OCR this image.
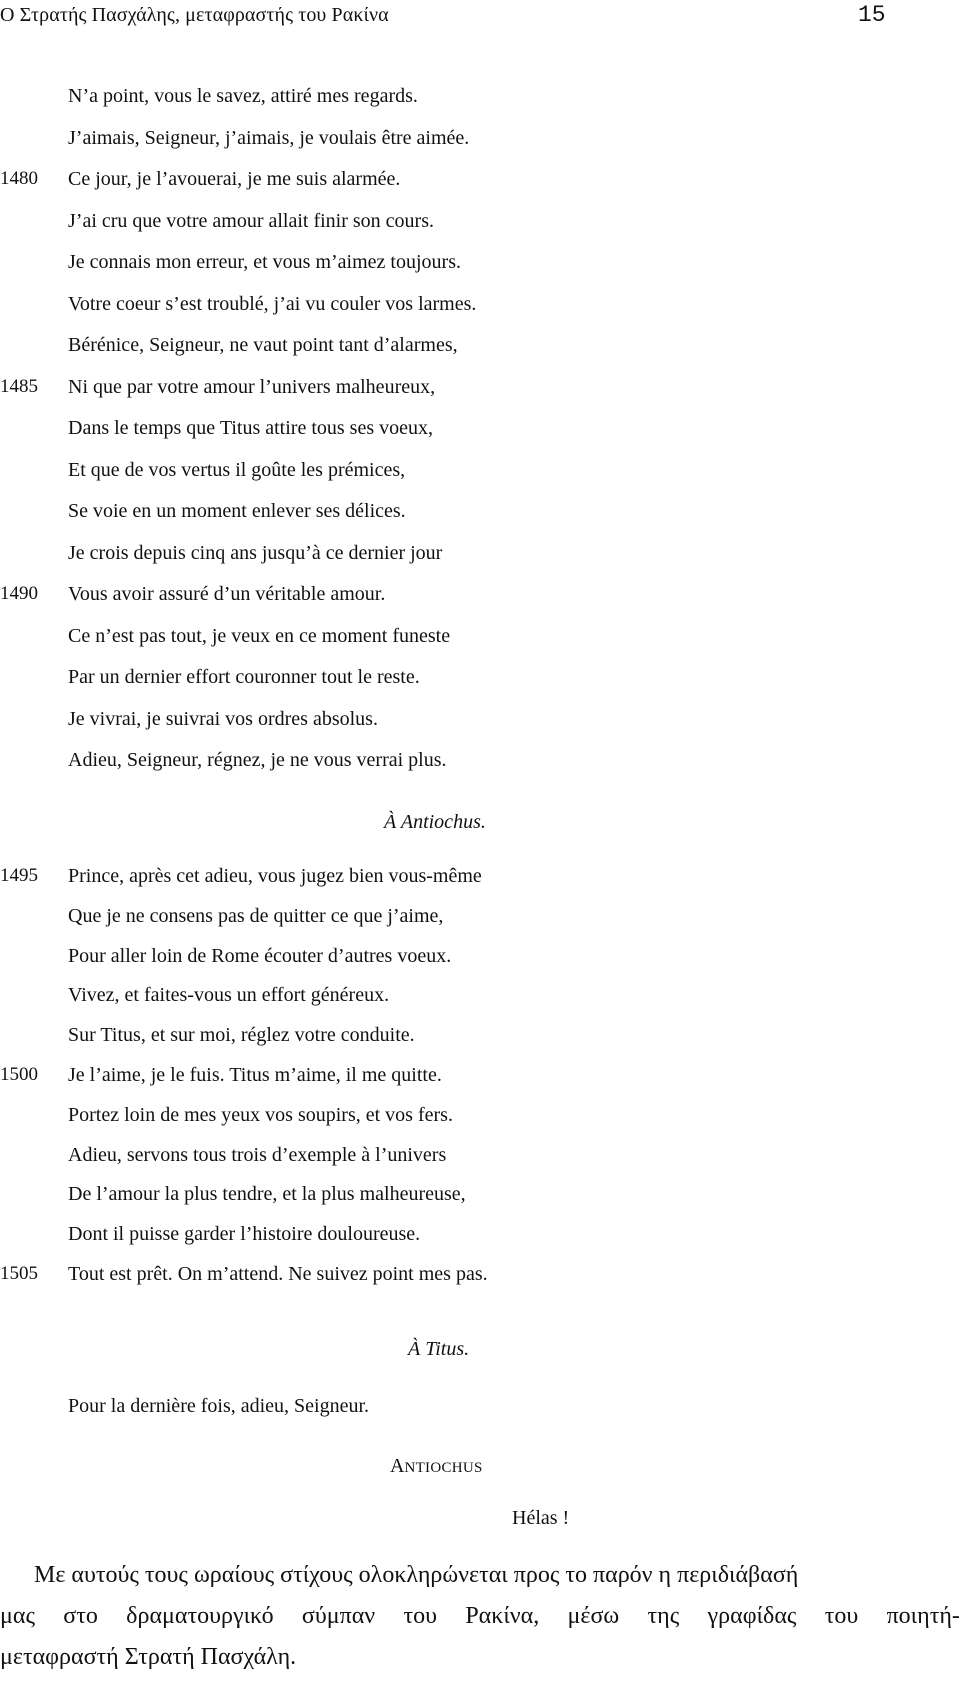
Ο Στρατής Πασχάλης, μεταφραστής του Ρακίνα	15
N’a point, vous le savez, attiré mes regards.
J’aimais, Seigneur, j’aimais, je voulais être aimée.
1480	Ce jour, je l’avouerai, je me suis alarmée.
J’ai cru que votre amour allait finir son cours.
Je connais mon erreur, et vous m’aimez toujours.
Votre coeur s’est troublé, j’ai vu couler vos larmes.
Bérénice, Seigneur, ne vaut point tant d’alarmes,
1485	Ni que par votre amour l’univers malheureux,
Dans le temps que Titus attire tous ses voeux,
Et que de vos vertus il goûte les prémices,
Se voie en un moment enlever ses délices.
Je crois depuis cinq ans jusqu’à ce dernier jour
1490	Vous avoir assuré d’un véritable amour.
Ce n’est pas tout, je veux en ce moment funeste
Par un dernier effort couronner tout le reste.
Je vivrai, je suivrai vos ordres absolus.
Adieu, Seigneur, régnez, je ne vous verrai plus.
À Antiochus.
1495	Prince, après cet adieu, vous jugez bien vous-même
Que je ne consens pas de quitter ce que j’aime,
Pour aller loin de Rome écouter d’autres voeux.
Vivez, et faites-vous un effort généreux.
Sur Titus, et sur moi, réglez votre conduite.
1500	Je l’aime, je le fuis. Titus m’aime, il me quitte.
Portez loin de mes yeux vos soupirs, et vos fers.
Adieu, servons tous trois d’exemple à l’univers
De l’amour la plus tendre, et la plus malheureuse,
Dont il puisse garder l’histoire douloureuse.
1505	Tout est prêt. On m’attend. Ne suivez point mes pas.
À Titus.
Pour la dernière fois, adieu, Seigneur.
ANTIOCHUS
Hélas !
Με αυτούς τους ωραίους στίχους ολοκληρώνεται προς το παρόν η περιδιάβασή
μας στο δραματουργικό σύμπαν του Ρακίνα, μέσω της γραφίδας του ποιητή-
μεταφραστή Στρατή Πασχάλη.
